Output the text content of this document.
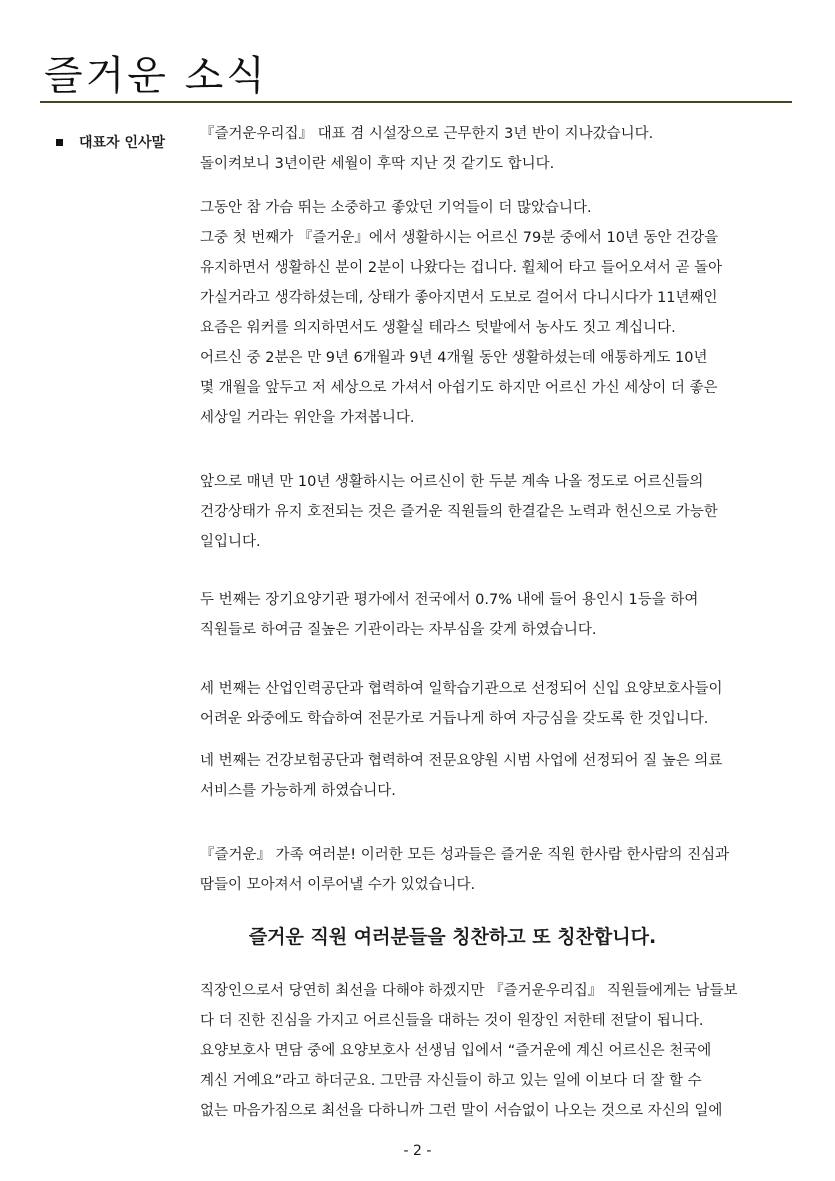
즐거운 소식
대표자 인사말
『즐거운우리집』 대표 겸 시설장으로 근무한지 3년 반이 지나갔습니다.
돌이켜보니 3년이란 세월이 후딱 지난 것 같기도 합니다.
그동안 참 가슴 뛰는 소중하고 좋았던 기억들이 더 많았습니다.
그중 첫 번째가 『즐거운』에서 생활하시는 어르신 79분 중에서 10년 동안 건강을
유지하면서 생활하신 분이 2분이 나왔다는 겁니다. 휠체어 타고 들어오셔서 곧 돌아
가실거라고 생각하셨는데, 상태가 좋아지면서 도보로 걸어서 다니시다가 11년째인
요즘은 워커를 의지하면서도 생활실 테라스 텃밭에서 농사도 짓고 계십니다.
어르신 중 2분은 만 9년 6개월과 9년 4개월 동안 생활하셨는데 애통하게도 10년
몇 개월을 앞두고 저 세상으로 가셔서 아쉽기도 하지만 어르신 가신 세상이 더 좋은
세상일 거라는 위안을 가져봅니다.
앞으로 매년 만 10년 생활하시는 어르신이 한 두분 계속 나올 정도로 어르신들의
건강상태가 유지 호전되는 것은 즐거운 직원들의 한결같은 노력과 헌신으로 가능한
일입니다.
두 번째는 장기요양기관 평가에서 전국에서 0.7% 내에 들어 용인시 1등을 하여
직원들로 하여금 질높은 기관이라는 자부심을 갖게 하였습니다.
세 번째는 산업인력공단과 협력하여 일학습기관으로 선정되어 신입 요양보호사들이
어려운 와중에도 학습하여 전문가로 거듭나게 하여 자긍심을 갖도록 한 것입니다.
네 번째는 건강보험공단과 협력하여 전문요양원 시범 사업에 선정되어 질 높은 의료
서비스를 가능하게 하였습니다.
『즐거운』 가족 여러분! 이러한 모든 성과들은 즐거운 직원 한사람 한사람의 진심과
땀들이 모아져서 이루어낼 수가 있었습니다.
즐거운 직원 여러분들을 칭찬하고 또 칭찬합니다.
직장인으로서 당연히 최선을 다해야 하겠지만 『즐거운우리집』 직원들에게는 남들보
다 더 진한 진심을 가지고 어르신들을 대하는 것이 원장인 저한테 전달이 됩니다.
요양보호사 면담 중에 요양보호사 선생님 입에서 “즐거운에 계신 어르신은 천국에
계신 거예요”라고 하더군요. 그만큼 자신들이 하고 있는 일에 이보다 더 잘 할 수
없는 마음가짐으로 최선을 다하니까 그런 말이 서슴없이 나오는 것으로 자신의 일에
- 2 -
